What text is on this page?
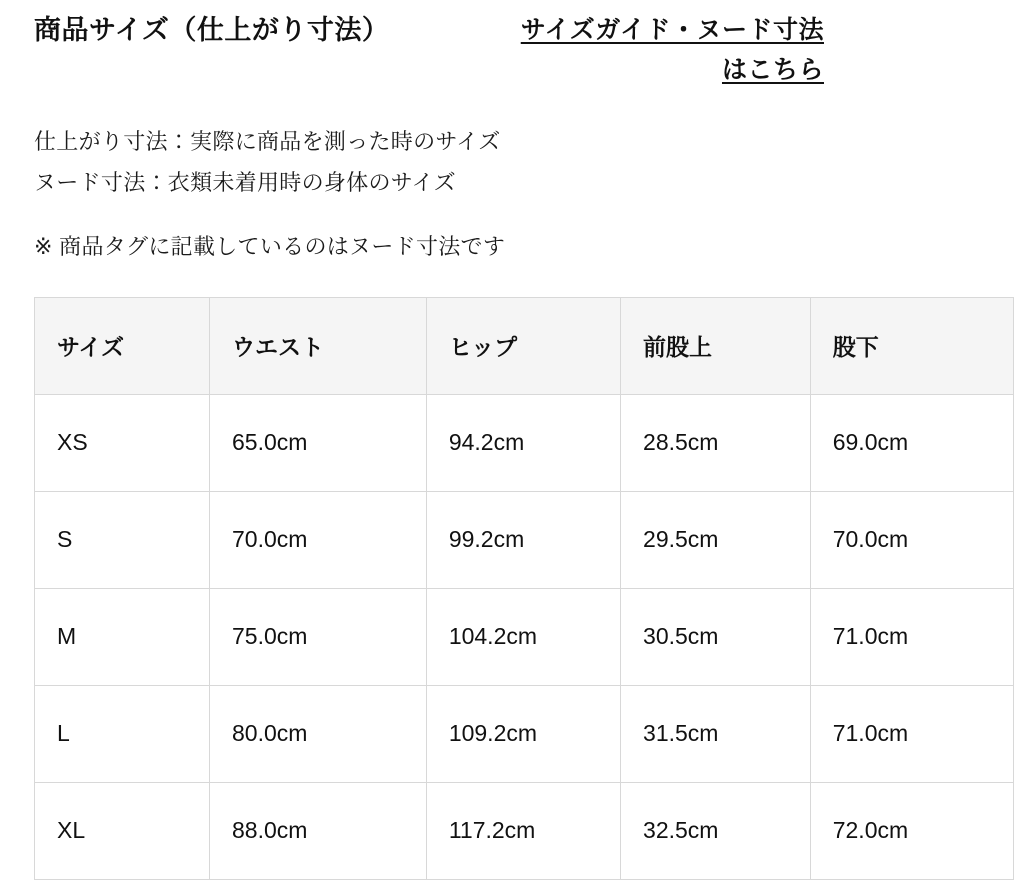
商品サイズ（仕上がり寸法）	サイズガイド・ヌード寸法
はこちら
仕上がり寸法：実際に商品を測った時のサイズ
ヌード寸法：衣類未着用時の身体のサイズ
※ 商品タグに記載しているのはヌード寸法です
サイズ	ウエスト	ヒップ	前股上	股下
XS	65.0cm	94.2cm	28.5cm	69.0cm
S	70.0cm	99.2cm	29.5cm	70.0cm
M	75.0cm	104.2cm	30.5cm	71.0cm
L	80.0cm	109.2cm	31.5cm	71.0cm
XL	88.0cm	117.2cm	32.5cm	72.0cm
